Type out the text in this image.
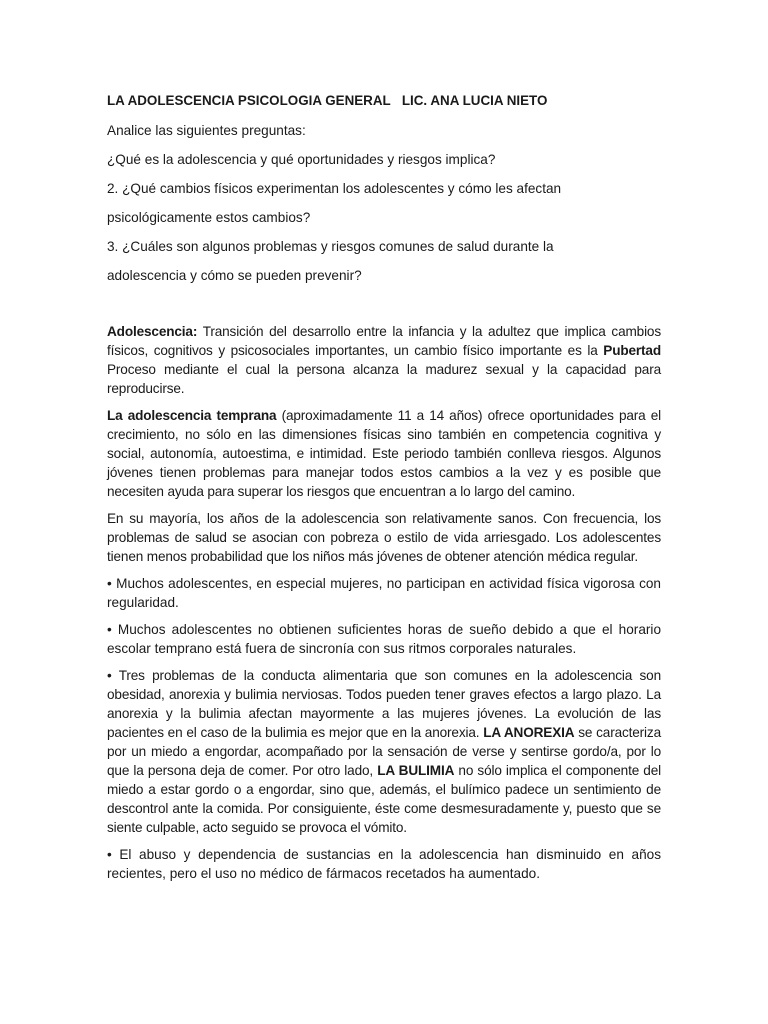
LA ADOLESCENCIA PSICOLOGIA GENERAL   LIC. ANA LUCIA NIETO

Analice las siguientes preguntas:

¿Qué es la adolescencia y qué oportunidades y riesgos implica?

2. ¿Qué cambios físicos experimentan los adolescentes y cómo les afectan

psicológicamente estos cambios?

3. ¿Cuáles son algunos problemas y riesgos comunes de salud durante la

adolescencia y cómo se pueden prevenir?

Adolescencia: Transición del desarrollo entre la infancia y la adultez que implica cambios físicos, cognitivos y psicosociales importantes, un cambio físico importante es la Pubertad Proceso mediante el cual la persona alcanza la madurez sexual y la capacidad para reproducirse.

La adolescencia temprana (aproximadamente 11 a 14 años) ofrece oportunidades para el crecimiento, no sólo en las dimensiones físicas sino también en competencia cognitiva y social, autonomía, autoestima, e intimidad. Este periodo también conlleva riesgos. Algunos jóvenes tienen problemas para manejar todos estos cambios a la vez y es posible que necesiten ayuda para superar los riesgos que encuentran a lo largo del camino.

En su mayoría, los años de la adolescencia son relativamente sanos. Con frecuencia, los problemas de salud se asocian con pobreza o estilo de vida arriesgado. Los adolescentes tienen menos probabilidad que los niños más jóvenes de obtener atención médica regular.

• Muchos adolescentes, en especial mujeres, no participan en actividad física vigorosa con regularidad.

• Muchos adolescentes no obtienen suficientes horas de sueño debido a que el horario escolar temprano está fuera de sincronía con sus ritmos corporales naturales.

• Tres problemas de la conducta alimentaria que son comunes en la adolescencia son obesidad, anorexia y bulimia nerviosas. Todos pueden tener graves efectos a largo plazo. La anorexia y la bulimia afectan mayormente a las mujeres jóvenes. La evolución de las pacientes en el caso de la bulimia es mejor que en la anorexia. LA ANOREXIA se caracteriza por un miedo a engordar, acompañado por la sensación de verse y sentirse gordo/a, por lo que la persona deja de comer. Por otro lado, LA BULIMIA no sólo implica el componente del miedo a estar gordo o a engordar, sino que, además, el bulímico padece un sentimiento de descontrol ante la comida. Por consiguiente, éste come desmesuradamente y, puesto que se siente culpable, acto seguido se provoca el vómito.

• El abuso y dependencia de sustancias en la adolescencia han disminuido en años recientes, pero el uso no médico de fármacos recetados ha aumentado.
